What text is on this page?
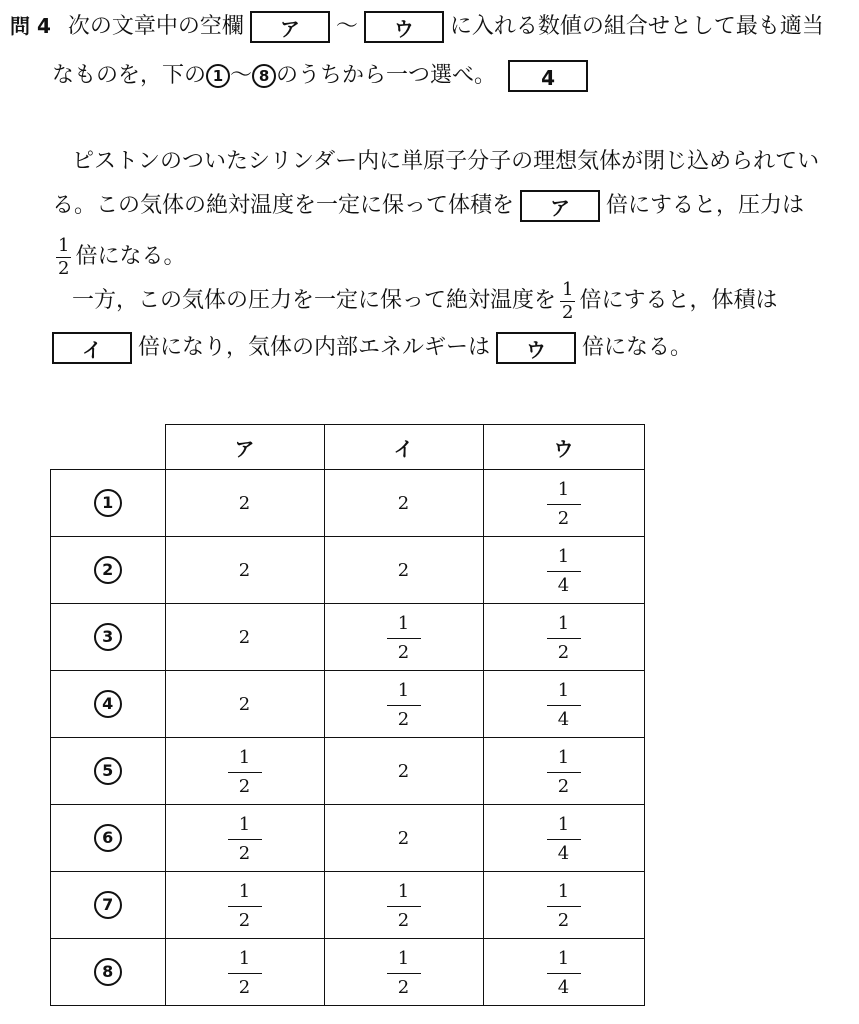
問 4 次の文章中の空欄 ア ～ ウ に入れる数値の組合せとして最も適当
なものを，下の 1 ～ 8 のうちから一つ選べ。 4
ピストンのついたシリンダー内に単原子分子の理想気体が閉じ込められてい
る。この気体の絶対温度を一定に保って体積を ア 倍にすると，圧力は
$\frac{1}{2}$ 倍になる。
一方，この気体の圧力を一定に保って絶対温度を $\frac{1}{2}$ 倍にすると，体積は
イ 倍になり，気体の内部エネルギーは ウ 倍になる。
	ア	イ	ウ
1	2	2	$\frac{1}{2}$

2	2	2	$\frac{1}{4}$

3	2	$\frac{1}{2}$	$\frac{1}{2}$

4	2	$\frac{1}{2}$	$\frac{1}{4}$

5	$\frac{1}{2}$	2	$\frac{1}{2}$

6	$\frac{1}{2}$	2	$\frac{1}{4}$

7	$\frac{1}{2}$	$\frac{1}{2}$	$\frac{1}{2}$

8	$\frac{1}{2}$	$\frac{1}{2}$	$\frac{1}{4}$
